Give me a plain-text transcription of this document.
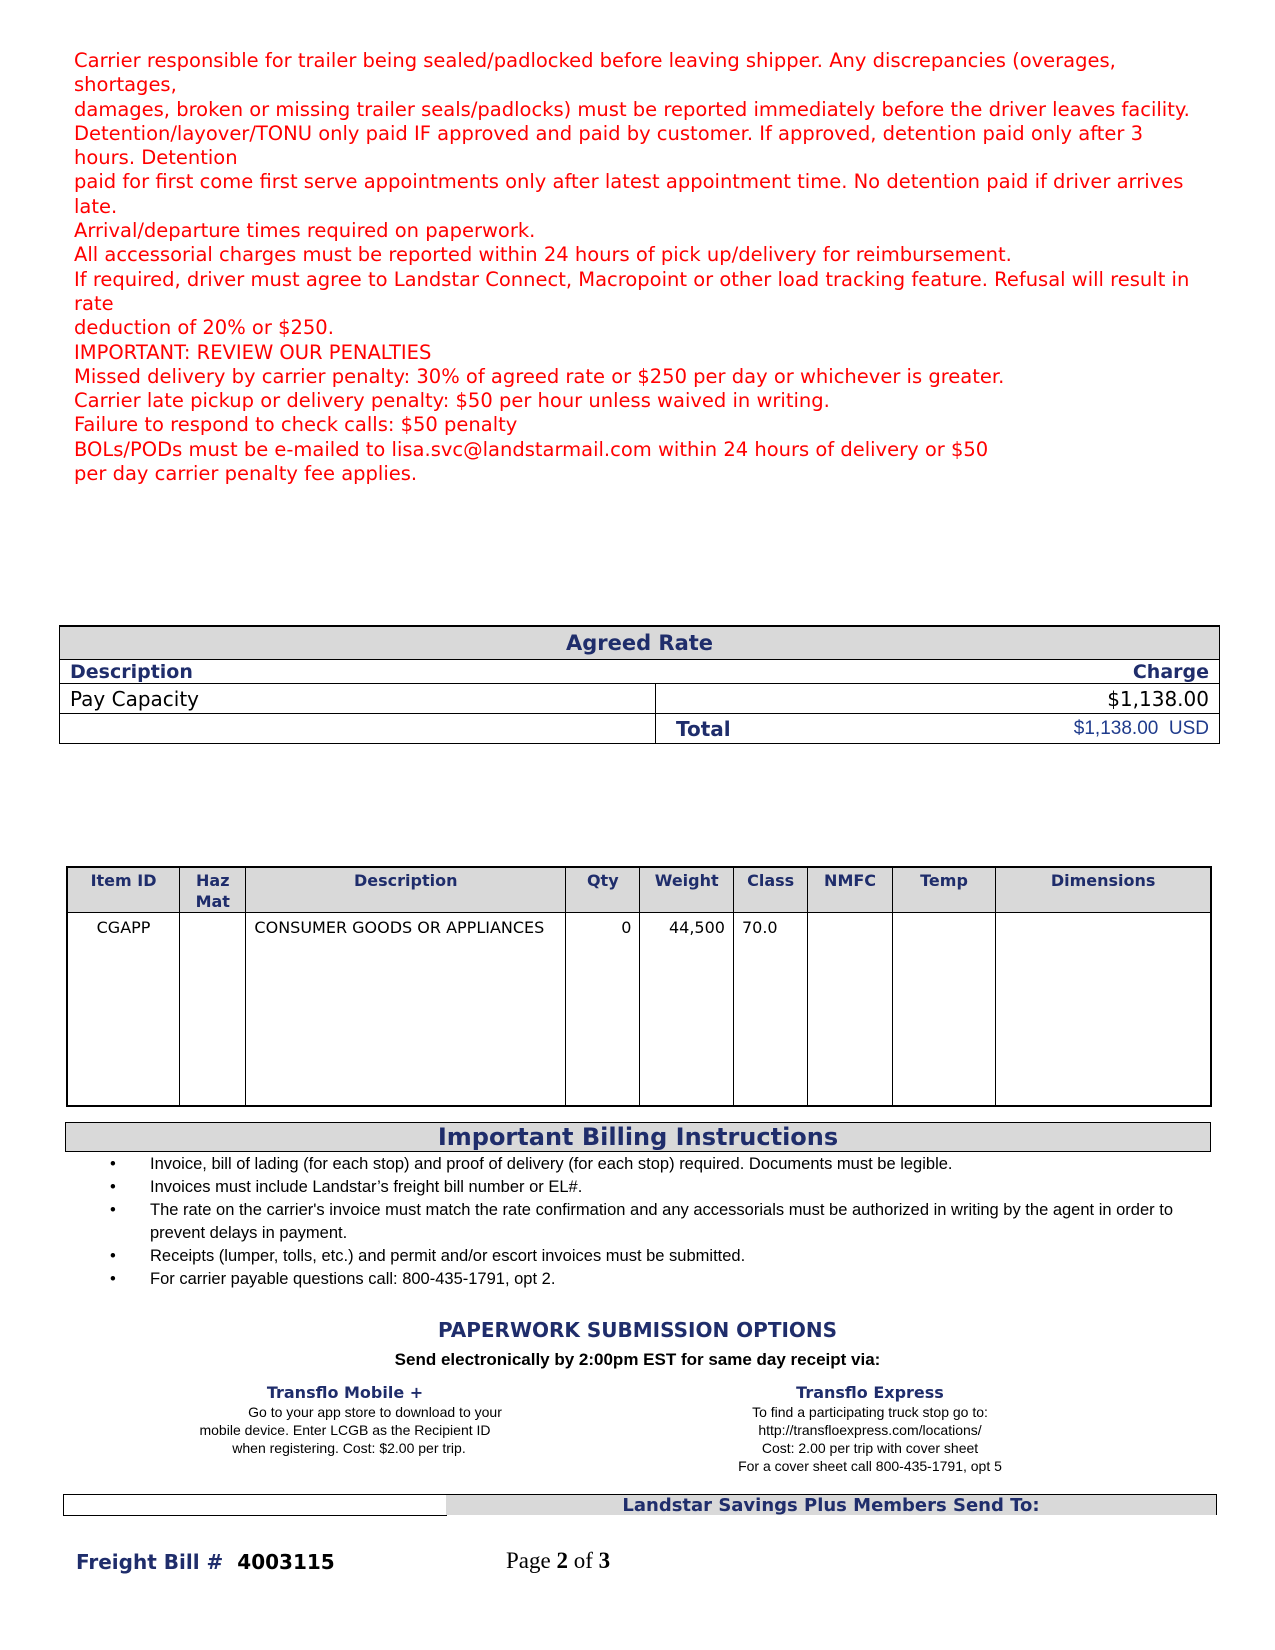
Carrier responsible for trailer being sealed/padlocked before leaving shipper. Any discrepancies (overages, shortages,
damages, broken or missing trailer seals/padlocks) must be reported immediately before the driver leaves facility.
Detention/layover/TONU only paid IF approved and paid by customer. If approved, detention paid only after 3 hours. Detention
paid for first come first serve appointments only after latest appointment time. No detention paid if driver arrives late.
Arrival/departure times required on paperwork.
All accessorial charges must be reported within 24 hours of pick up/delivery for reimbursement.
If required, driver must agree to Landstar Connect, Macropoint or other load tracking feature. Refusal will result in rate
deduction of 20% or $250.
IMPORTANT: REVIEW OUR PENALTIES
Missed delivery by carrier penalty: 30% of agreed rate or $250 per day or whichever is greater.
Carrier late pickup or delivery penalty: $50 per hour unless waived in writing.
Failure to respond to check calls: $50 penalty
BOLs/PODs must be e-mailed to lisa.svc@landstarmail.com within 24 hours of delivery or $50
per day carrier penalty fee applies.
Agreed Rate	
Description	Charge
Pay Capacity	$1,138.00

	Total $1,138.00  USD
Item ID	Haz Mat	Description	Qty	Weight	Class	NMFC	Temp	Dimensions
CGAPP		CONSUMER GOODS OR APPLIANCES	0	44,500	70.0			
Important Billing Instructions
• Invoice, bill of lading (for each stop) and proof of delivery (for each stop) required. Documents must be legible.
• Invoices must include Landstar’s freight bill number or EL#.
• The rate on the carrier's invoice must match the rate confirmation and any accessorials must be authorized in writing by the agent in order to prevent delays in payment.
• Receipts (lumper, tolls, etc.) and permit and/or escort invoices must be submitted.
• For carrier payable questions call: 800-435-1791, opt 2.
PAPERWORK SUBMISSION OPTIONS
Send electronically by 2:00pm EST for same day receipt via:
Transflo Mobile +
Go to your app store to download to your
mobile device. Enter LCGB as the Recipient ID
when registering. Cost: $2.00 per trip.
Transflo Express
To find a participating truck stop go to:
http://transfloexpress.com/locations/
Cost: 2.00 per trip with cover sheet
For a cover sheet call 800-435-1791, opt 5
Landstar Savings Plus Members Send To:
Freight Bill # 4003115	Page 2 of 3
